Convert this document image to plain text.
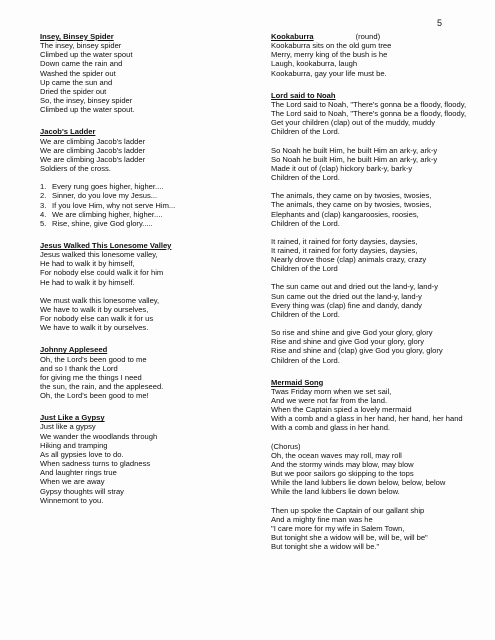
5
Insey, Binsey Spider
The insey, binsey spider
Climbed up the water spout
Down came the rain and
Washed the spider out
Up came the sun and
Dried the spider out
So, the insey, binsey spider
Climbed up the water spout.
Jacob's Ladder
We are climbing Jacob's ladder
We are climbing Jacob's ladder
We are climbing Jacob's ladder
Soldiers of the cross.
1. Every rung goes higher, higher....
2. Sinner, do you love my Jesus...
3. If you love Him, why not serve Him...
4. We are climbing higher, higher....
5. Rise, shine, give God glory.....
Jesus Walked This Lonesome Valley
Jesus walked this lonesome valley,
He had to walk it by himself,
For nobody else could walk it for him
He had to walk it by himself.
We must walk this lonesome valley,
We have to walk it by ourselves,
For nobody else can walk it for us
We have to walk it by ourselves.
Johnny Appleseed
Oh, the Lord's been good to me
and so I thank the Lord
for giving me the things I need
the sun, the rain, and the appleseed.
Oh, the Lord's been good to me!
Just Like a Gypsy
Just like a gypsy
We wander the woodlands through
Hiking and tramping
As all gypsies love to do.
When sadness turns to gladness
And laughter rings true
When we are away
Gypsy thoughts will stray
Winnemont to you.
Kookaburra	(round)
Kookaburra sits on the old gum tree
Merry, merry king of the bush is he
Laugh, kookaburra, laugh
Kookaburra, gay your life must be.
Lord said to Noah
The Lord said to Noah, "There's gonna be a floody, floody,
The Lord said to Noah, "There's gonna be a floody, floody,
Get your children (clap) out of the muddy, muddy
Children of the Lord.
So Noah he built Him, he built Him an ark-y, ark-y
So Noah he built Him, he built Him an ark-y, ark-y
Made it out of (clap) hickory bark-y, bark-y
Children of the Lord.
The animals, they came on by twosies, twosies,
The animals, they came on by twosies, twosies,
Elephants and (clap) kangaroosies, roosies,
Children of the Lord.
It rained, it rained for forty daysies, daysies,
It rained, it rained for forty daysies, daysies,
Nearly drove those (clap) animals crazy, crazy
Children of the Lord
The sun came out and dried out the land-y, land-y
Sun came out the dried out the land-y, land-y
Every thing was (clap) fine and dandy, dandy
Children of the Lord.
So rise and shine and give God your glory, glory
Rise and shine and give God your glory, glory
Rise and shine and (clap) give God you glory, glory
Children of the Lord.
Mermaid Song
Twas Friday morn when we set sail,
And we were not far from the land.
When the Captain spied a lovely mermaid
With a comb and a glass in her hand, her hand, her hand
With a comb and glass in her hand.
(Chorus)
Oh, the ocean waves may roll, may roll
And the stormy winds may blow, may blow
But we poor sailors go skipping to the tops
While the land lubbers lie down below, below, below
While the land lubbers lie down below.
Then up spoke the Captain of our gallant ship
And a mighty fine man was he
"I care more for my wife in Salem Town,
But tonight she a widow will be, will be, will be"
But tonight she a widow will be."
